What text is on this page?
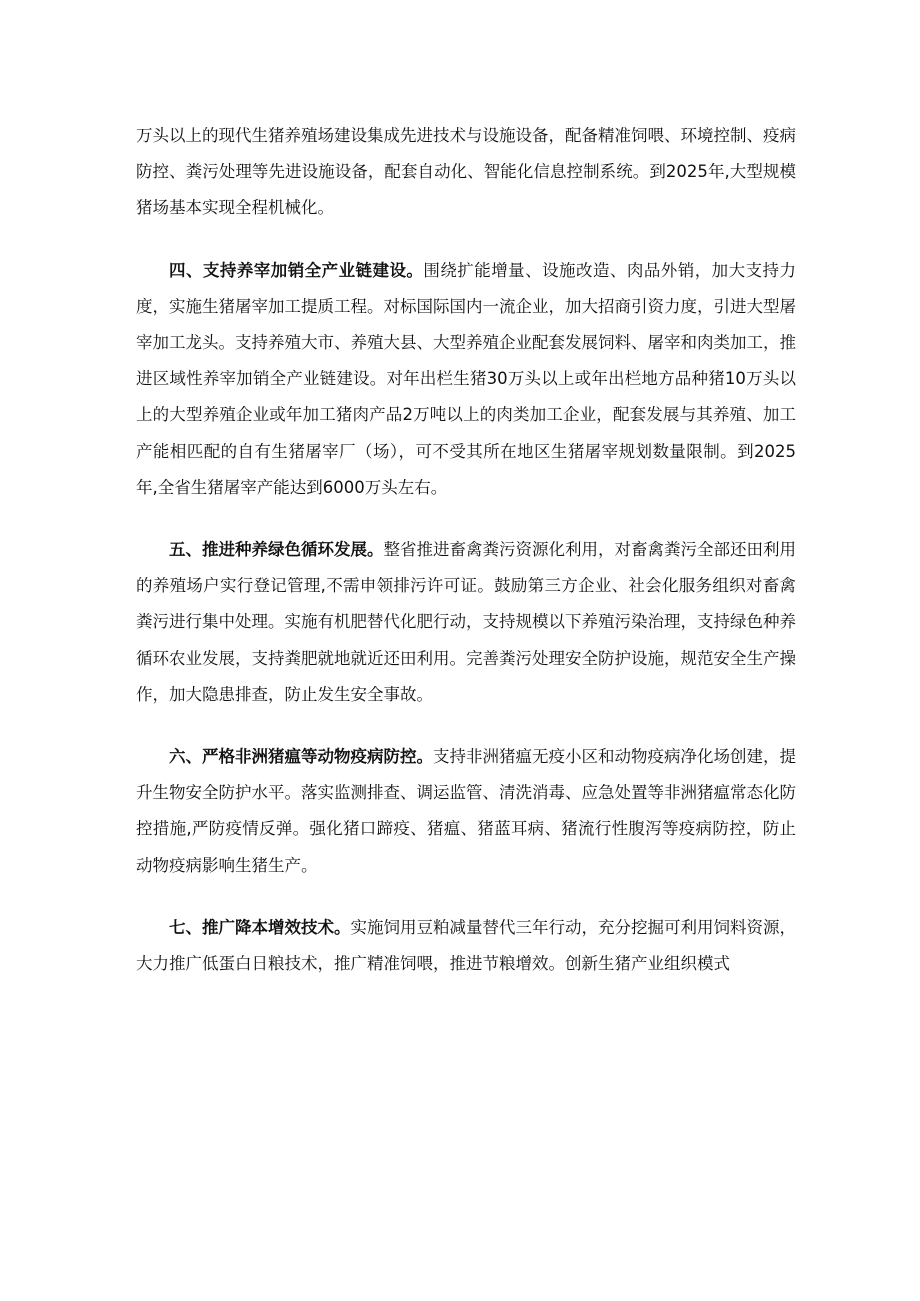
万头以上的现代生猪养殖场建设集成先进技术与设施设备，配备精准饲喂、环境控制、疫病防控、粪污处理等先进设施设备，配套自动化、智能化信息控制系统。到2025年,大型规模猪场基本实现全程机械化。

四、支持养宰加销全产业链建设。围绕扩能增量、设施改造、肉品外销，加大支持力度，实施生猪屠宰加工提质工程。对标国际国内一流企业，加大招商引资力度，引进大型屠宰加工龙头。支持养殖大市、养殖大县、大型养殖企业配套发展饲料、屠宰和肉类加工，推进区域性养宰加销全产业链建设。对年出栏生猪30万头以上或年出栏地方品种猪10万头以上的大型养殖企业或年加工猪肉产品2万吨以上的肉类加工企业，配套发展与其养殖、加工产能相匹配的自有生猪屠宰厂（场），可不受其所在地区生猪屠宰规划数量限制。到2025年,全省生猪屠宰产能达到6000万头左右。

五、推进种养绿色循环发展。整省推进畜禽粪污资源化利用，对畜禽粪污全部还田利用的养殖场户实行登记管理,不需申领排污许可证。鼓励第三方企业、社会化服务组织对畜禽粪污进行集中处理。实施有机肥替代化肥行动，支持规模以下养殖污染治理，支持绿色种养循环农业发展，支持粪肥就地就近还田利用。完善粪污处理安全防护设施，规范安全生产操作，加大隐患排查，防止发生安全事故。

六、严格非洲猪瘟等动物疫病防控。支持非洲猪瘟无疫小区和动物疫病净化场创建，提升生物安全防护水平。落实监测排查、调运监管、清洗消毒、应急处置等非洲猪瘟常态化防控措施,严防疫情反弹。强化猪口蹄疫、猪瘟、猪蓝耳病、猪流行性腹泻等疫病防控，防止动物疫病影响生猪生产。

七、推广降本增效技术。实施饲用豆粕减量替代三年行动，充分挖掘可利用饲料资源，大力推广低蛋白日粮技术，推广精准饲喂，推进节粮增效。创新生猪产业组织模式
